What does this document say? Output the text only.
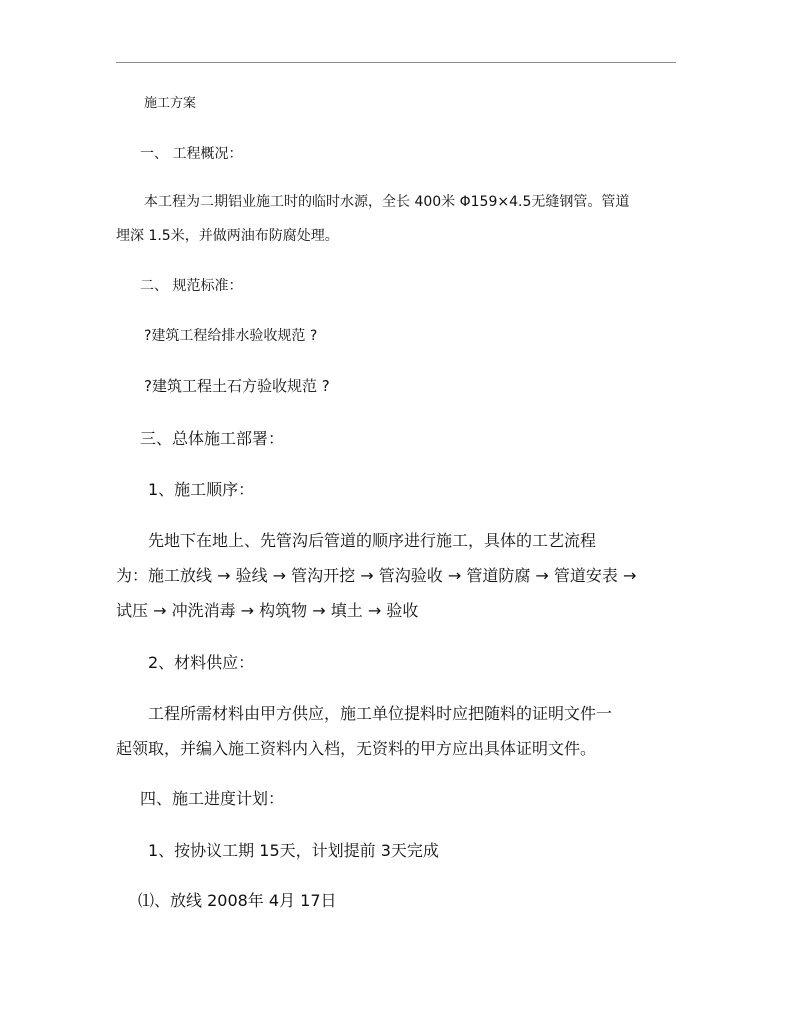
施工方案
一、 工程概况：
本工程为二期铝业施工时的临时水源，全长 400米 Φ159×4.5无缝钢管。管道
埋深 1.5米，并做两油布防腐处理。
二、 规范标准：
?建筑工程给排水验收规范 ?
?建筑工程土石方验收规范 ?
三、总体施工部署：
1、施工顺序：
先地下在地上、先管沟后管道的顺序进行施工，具体的工艺流程
为：施工放线 → 验线 → 管沟开挖 → 管沟验收 → 管道防腐 → 管道安表 →
试压 → 冲洗消毒 → 构筑物 → 填土 → 验收
2、材料供应：
工程所需材料由甲方供应，施工单位提料时应把随料的证明文件一
起领取，并编入施工资料内入档，无资料的甲方应出具体证明文件。
四、施工进度计划：
1、按协议工期 15天，计划提前 3天完成
⑴、放线 2008年 4月 17日
